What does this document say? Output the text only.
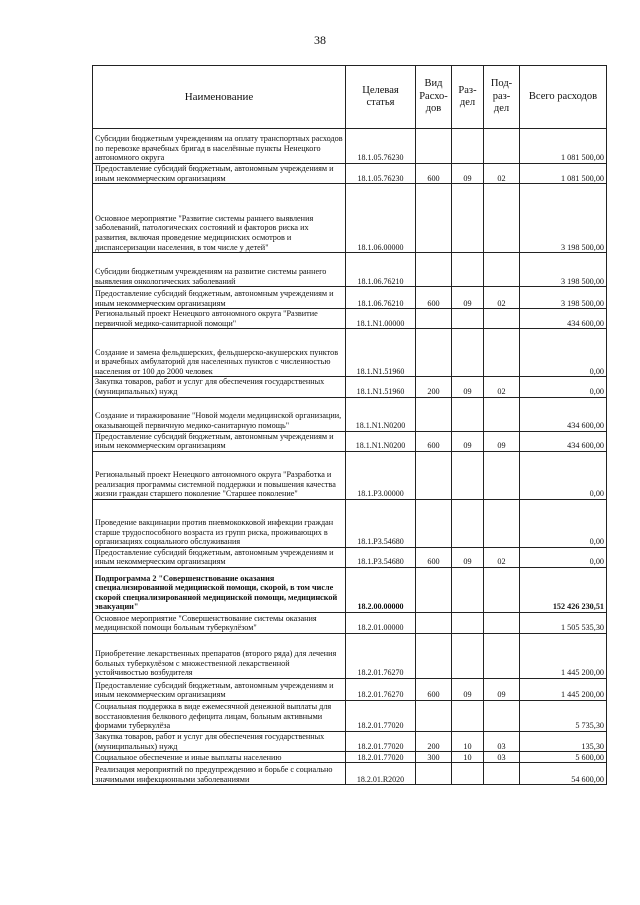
38
Наименование	Целевая статья	Вид Расхо- дов	Раз- дел	Под- раз- дел	Всего расходов
Субсидии бюджетным учреждениям на оплату транспортных расходов по перевозке врачебных бригад в населённые пункты Ненецкого автономного округа	18.1.05.76230				1 081 500,00
Предоставление субсидий бюджетным, автономным учреждениям и иным некоммерческим организациям	18.1.05.76230	600	09	02	1 081 500,00
Основное мероприятие "Развитие системы раннего выявления заболеваний, патологических состояний и факторов риска их развития, включая проведение медицинских осмотров и диспансеризации населения, в том числе у детей"	18.1.06.00000				3 198 500,00
Субсидии бюджетным учреждениям на развитие системы раннего выявления онкологических заболеваний	18.1.06.76210				3 198 500,00
Предоставление субсидий бюджетным, автономным учреждениям и иным некоммерческим организациям	18.1.06.76210	600	09	02	3 198 500,00
Региональный проект Ненецкого автономного округа "Развитие первичной медико-санитарной помощи"	18.1.N1.00000				434 600,00
Создание и замена фельдшерских, фельдшерско-акушерских пунктов и врачебных амбулаторий для населенных пунктов с численностью населения от 100 до 2000 человек	18.1.N1.51960				0,00
Закупка товаров, работ и услуг для обеспечения государственных (муниципальных) нужд	18.1.N1.51960	200	09	02	0,00
Создание и тиражирование "Новой модели медицинской организации, оказывающей первичную медико-санитарную помощь"	18.1.N1.N0200				434 600,00
Предоставление субсидий бюджетным, автономным учреждениям и иным некоммерческим организациям	18.1.N1.N0200	600	09	09	434 600,00
Региональный проект Ненецкого автономного округа "Разработка и реализация программы системной поддержки и повышения качества жизни граждан старшего поколение "Старшее поколение"	18.1.P3.00000				0,00
Проведение вакцинации против пневмококковой инфекции граждан старше трудоспособного возраста из групп риска, проживающих в организациях социального обслуживания	18.1.P3.54680				0,00
Предоставление субсидий бюджетным, автономным учреждениям и иным некоммерческим организациям	18.1.P3.54680	600	09	02	0,00
Подпрограмма 2 "Совершенствование оказания специализированной медицинской помощи, скорой, в том числе скорой специализированной медицинской помощи, медицинской эвакуации"	18.2.00.00000				152 426 230,51
Основное мероприятие "Совершенствование системы оказания медицинской помощи больным туберкулёзом"	18.2.01.00000				1 505 535,30
Приобретение лекарственных препаратов (второго ряда) для лечения больных туберкулёзом с множественной лекарственной устойчивостью возбудителя	18.2.01.76270				1 445 200,00
Предоставление субсидий бюджетным, автономным учреждениям и иным некоммерческим организациям	18.2.01.76270	600	09	09	1 445 200,00
Социальная поддержка в виде ежемесячной денежной выплаты для восстановления белкового дефицита лицам, больным активными формами туберкулёза	18.2.01.77020				5 735,30
Закупка товаров, работ и услуг для обеспечения государственных (муниципальных) нужд	18.2.01.77020	200	10	03	135,30
Социальное обеспечение и иные выплаты населению	18.2.01.77020	300	10	03	5 600,00
Реализация мероприятий по предупреждению и борьбе с социально значимыми инфекционными заболеваниями	18.2.01.R2020				54 600,00
